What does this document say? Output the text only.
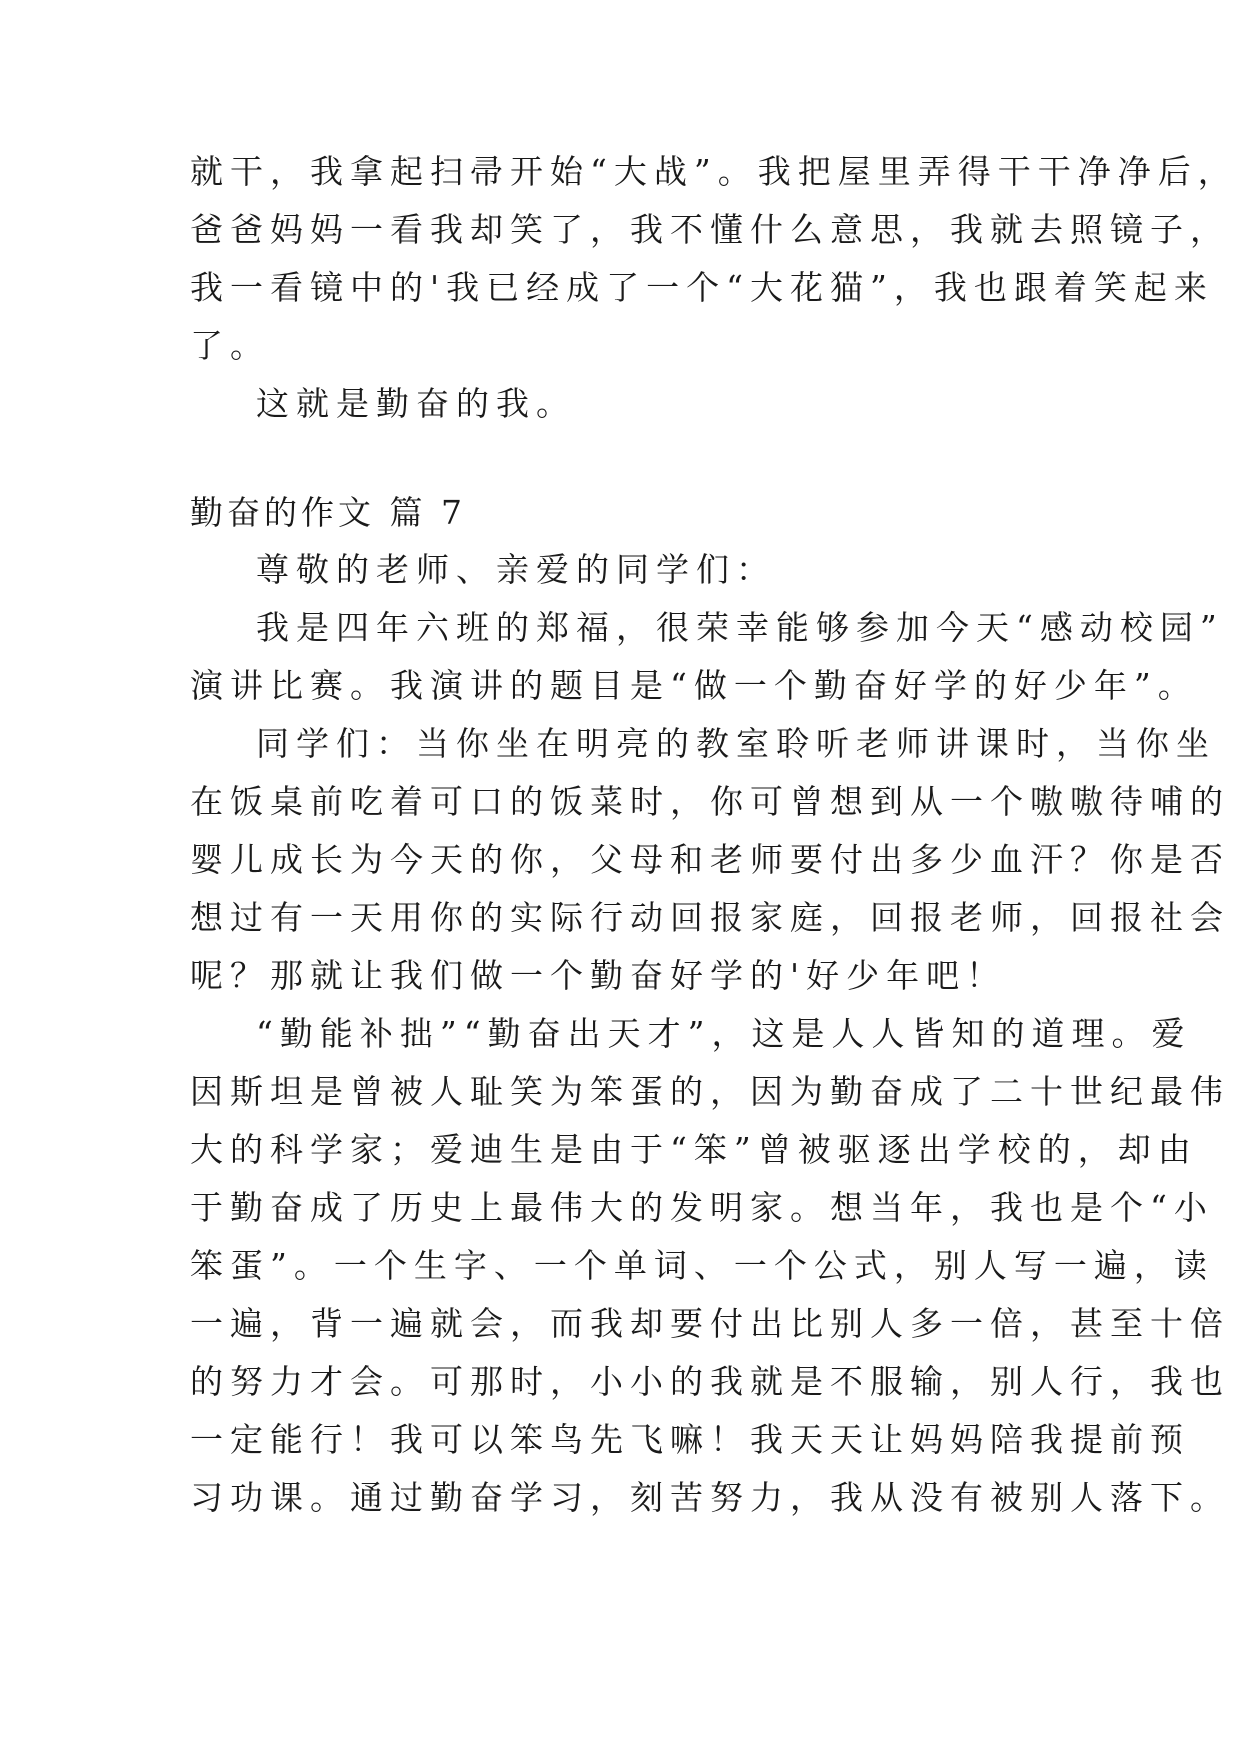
就干，我拿起扫帚开始“大战”。我把屋里弄得干干净净后，
爸爸妈妈一看我却笑了，我不懂什么意思，我就去照镜子，
我一看镜中的'我已经成了一个“大花猫”，我也跟着笑起来
了。
这就是勤奋的我。
勤奋的作文 篇 7
尊敬的老师、亲爱的同学们：
我是四年六班的郑福，很荣幸能够参加今天“感动校园”
演讲比赛。我演讲的题目是“做一个勤奋好学的好少年”。
同学们：当你坐在明亮的教室聆听老师讲课时，当你坐
在饭桌前吃着可口的饭菜时，你可曾想到从一个嗷嗷待哺的
婴儿成长为今天的你，父母和老师要付出多少血汗？你是否
想过有一天用你的实际行动回报家庭，回报老师，回报社会
呢？那就让我们做一个勤奋好学的'好少年吧！
“勤能补拙”“勤奋出天才”，这是人人皆知的道理。爱
因斯坦是曾被人耻笑为笨蛋的，因为勤奋成了二十世纪最伟
大的科学家；爱迪生是由于“笨”曾被驱逐出学校的，却由
于勤奋成了历史上最伟大的发明家。想当年，我也是个“小
笨蛋”。一个生字、一个单词、一个公式，别人写一遍，读
一遍，背一遍就会，而我却要付出比别人多一倍，甚至十倍
的努力才会。可那时，小小的我就是不服输，别人行，我也
一定能行！我可以笨鸟先飞嘛！我天天让妈妈陪我提前预
习功课。通过勤奋学习，刻苦努力，我从没有被别人落下。
